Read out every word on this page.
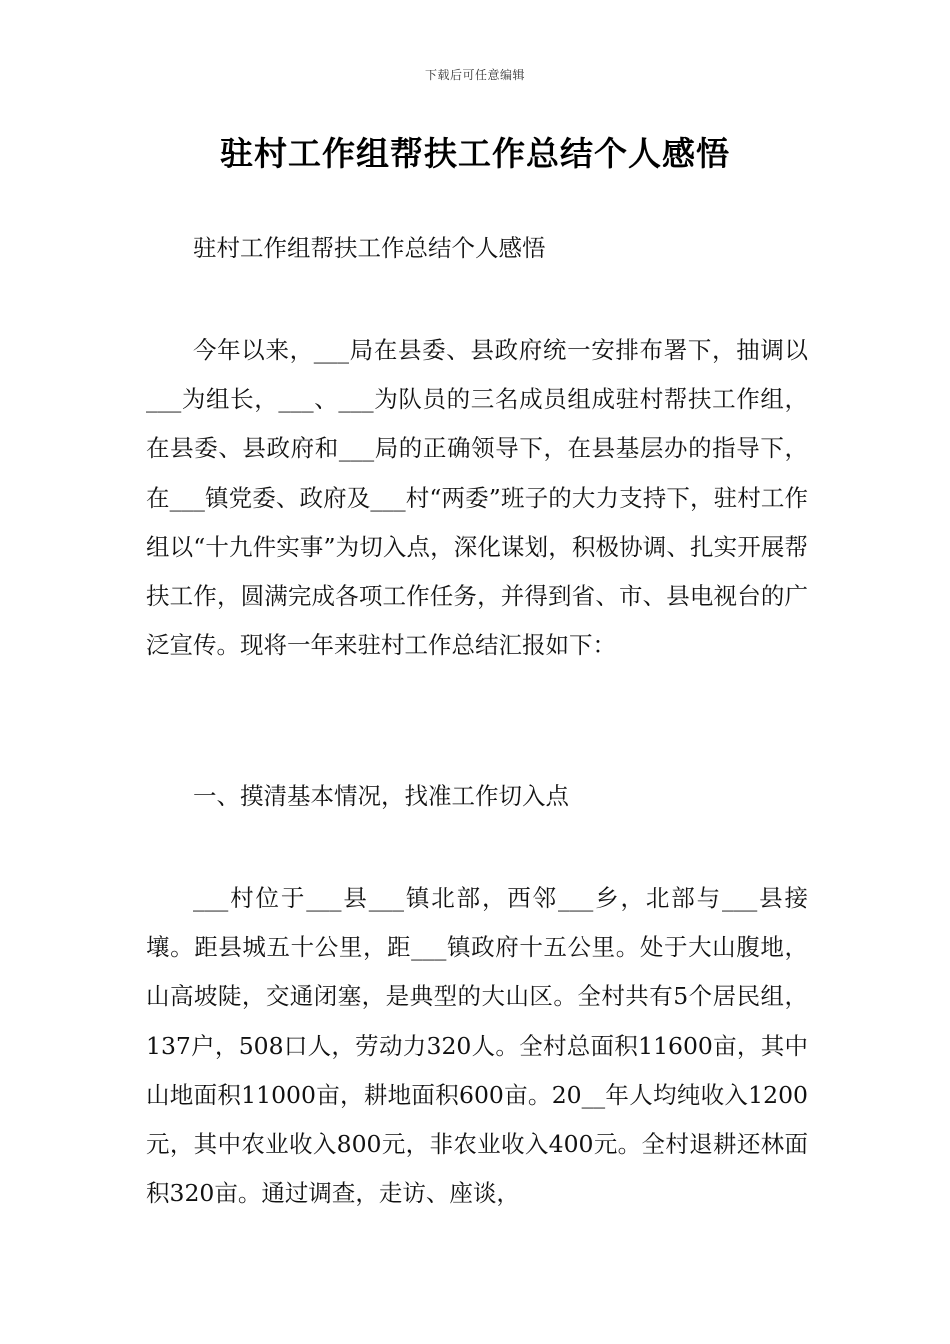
下载后可任意编辑
驻村工作组帮扶工作总结个人感悟

驻村工作组帮扶工作总结个人感悟

今年以来，___局在县委、县政府统一安排布署下，抽调以___为组长，___、___为队员的三名成员组成驻村帮扶工作组，在县委、县政府和___局的正确领导下，在县基层办的指导下，在___镇党委、政府及___村“两委”班子的大力支持下，驻村工作组以“十九件实事”为切入点，深化谋划，积极协调、扎实开展帮扶工作，圆满完成各项工作任务，并得到省、市、县电视台的广泛宣传。现将一年来驻村工作总结汇报如下：

一、摸清基本情况，找准工作切入点

___村位于___县___镇北部，西邻___乡，北部与___县接壤。距县城五十公里，距___镇政府十五公里。处于大山腹地，山高坡陡，交通闭塞，是典型的大山区。全村共有5个居民组，137户，508口人，劳动力320人。全村总面积11600亩，其中山地面积11000亩，耕地面积600亩。20__年人均纯收入1200元，其中农业收入800元，非农业收入400元。全村退耕还林面积320亩。通过调查，走访、座谈，
